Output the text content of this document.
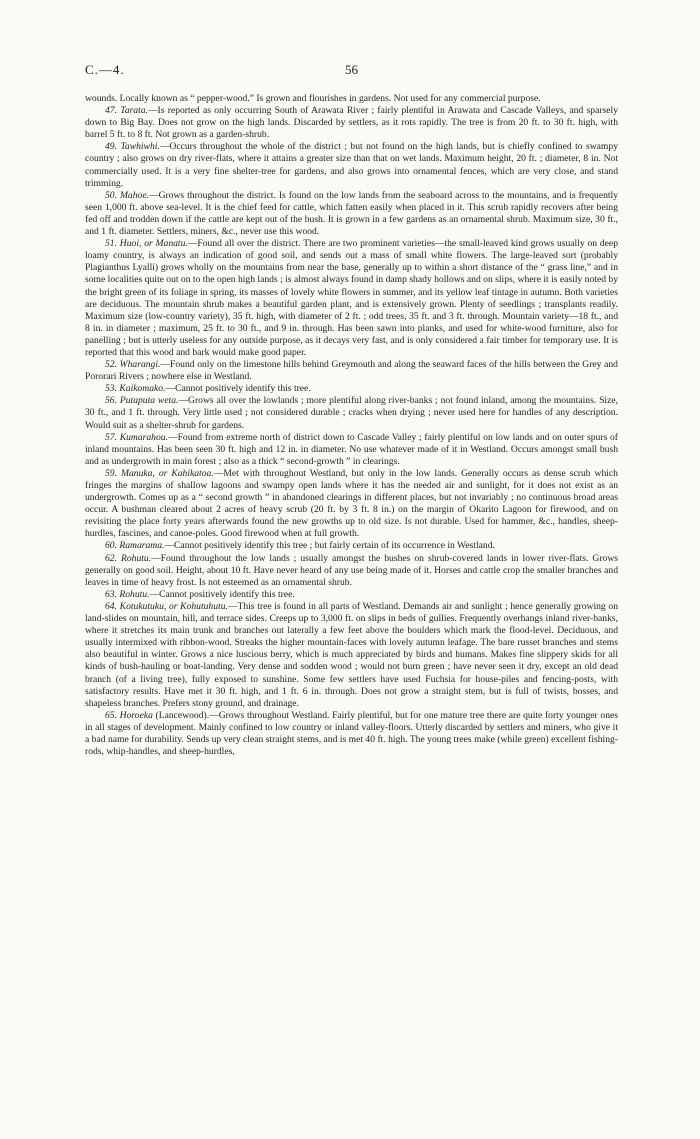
C.—4.	56

wounds. Locally known as “ pepper-wood.” Is grown and flourishes in gardens. Not used for any commercial purpose.

47. Tarata.—Is reported as only occurring South of Arawata River ; fairly plentiful in Arawata and Cascade Valleys, and sparsely down to Big Bay. Does not grow on the high lands. Discarded by settlers, as it rots rapidly. The tree is from 20 ft. to 30 ft. high, with barrel 5 ft. to 8 ft. Not grown as a garden-shrub.

49. Tawhiwhi.—Occurs throughout the whole of the district ; but not found on the high lands, but is chiefly confined to swampy country ; also grows on dry river-flats, where it attains a greater size than that on wet lands. Maximum height, 20 ft. ; diameter, 8 in. Not commercially used. It is a very fine shelter-tree for gardens, and also grows into ornamental fences, which are very close, and stand trimming.

50. Mahoe.—Grows throughout the district. Is found on the low lands from the seaboard across to the mountains, and is frequently seen 1,000 ft. above sea-level. It is the chief feed for cattle, which fatten easily when placed in it. This scrub rapidly recovers after being fed off and trodden down if the cattle are kept out of the bush. It is grown in a few gardens as an ornamental shrub. Maximum size, 30 ft., and 1 ft. diameter. Settlers, miners, &c., never use this wood.

51. Huoi, or Manatu.—Found all over the district. There are two prominent varieties—the small-leaved kind grows usually on deep loamy country, is always an indication of good soil, and sends out a mass of small white flowers. The large-leaved sort (probably Plagianthus Lyalli) grows wholly on the mountains from near the base, generally up to within a short distance of the “ grass line,” and in some localities quite out on to the open high lands ; is almost always found in damp shady hollows and on slips, where it is easily noted by the bright green of its foliage in spring, its masses of lovely white flowers in summer, and its yellow leaf tintage in autumn. Both varieties are deciduous. The mountain shrub makes a beautiful garden plant, and is extensively grown. Plenty of seedlings ; transplants readily. Maximum size (low-country variety), 35 ft. high, with diameter of 2 ft. ; odd trees, 35 ft. and 3 ft. through. Mountain variety—18 ft., and 8 in. in diameter ; maximum, 25 ft. to 30 ft., and 9 in. through. Has been sawn into planks, and used for white-wood furniture, also for panelling ; but is utterly useless for any outside purpose, as it decays very fast, and is only considered a fair timber for temporary use. It is reported that this wood and bark would make good paper.

52. Wharangi.—Found only on the limestone hills behind Greymouth and along the seaward faces of the hills between the Grey and Pororari Rivers ; nowhere else in Westland.

53. Kaikomako.—Cannot positively identify this tree.

56. Putaputa weta.—Grows all over the lowlands ; more plentiful along river-banks ; not found inland, among the mountains. Size, 30 ft., and 1 ft. through. Very little used ; not considered durable ; cracks when drying ; never used here for handles of any description. Would suit as a shelter-shrub for gardens.

57. Kumarahou.—Found from extreme north of district down to Cascade Valley ; fairly plentiful on low lands and on outer spurs of inland mountains. Has been seen 30 ft. high and 12 in. in diameter. No use whatever made of it in Westland. Occurs amongst small bush and as undergrowth in main forest ; also as a thick “ second-growth ” in clearings.

59. Manuka, or Kahikatoa.—Met with throughout Westland, but only in the low lands. Generally occurs as dense scrub which fringes the margins of shallow lagoons and swampy open lands where it has the needed air and sunlight, for it does not exist as an undergrowth. Comes up as a “ second growth ” in abandoned clearings in different places, but not invariably ; no continuous broad areas occur. A bushman cleared about 2 acres of heavy scrub (20 ft. by 3 ft. 8 in.) on the margin of Okarito Lagoon for firewood, and on revisiting the place forty years afterwards found the new growths up to old size. Is not durable. Used for hammer, &c., handles, sheep-hurdles, fascines, and canoe-poles. Good firewood when at full growth.

60. Ramarama.—Cannot positively identify this tree ; but fairly certain of its occurrence in Westland.

62. Rohutu.—Found throughout the low lands ; usually amongst the bushes on shrub-covered lands in lower river-flats. Grows generally on good soil. Height, about 10 ft. Have never heard of any use being made of it. Horses and cattle crop the smaller branches and leaves in time of heavy frost. Is not esteemed as an ornamental shrub.

63. Rohutu.—Cannot positively identify this tree.

64. Kotukutuku, or Kohutuhutu.—This tree is found in all parts of Westland. Demands air and sunlight ; hence generally growing on land-slides on mountain, hill, and terrace sides. Creeps up to 3,000 ft. on slips in beds of gullies. Frequently overhangs inland river-banks, where it stretches its main trunk and branches out laterally a few feet above the boulders which mark the flood-level. Deciduous, and usually intermixed with ribbon-wood. Streaks the higher mountain-faces with lovely autumn leafage. The bare russet branches and stems also beautiful in winter. Grows a nice luscious berry, which is much appreciated by birds and humans. Makes fine slippery skids for all kinds of bush-hauling or boat-landing. Very dense and sodden wood ; would not burn green ; have never seen it dry, except an old dead branch (of a living tree), fully exposed to sunshine. Some few settlers have used Fuchsia for house-piles and fencing-posts, with satisfactory results. Have met it 30 ft. high, and 1 ft. 6 in. through. Does not grow a straight stem, but is full of twists, bosses, and shapeless branches. Prefers stony ground, and drainage.

65. Horoeka (Lancewood).—Grows throughout Westland. Fairly plentiful, but for one mature tree there are quite forty younger ones in all stages of development. Mainly confined to low country or inland valley-floors. Utterly discarded by settlers and miners, who give it a bad name for durability. Sends up very clean straight stems, and is met 40 ft. high. The young trees make (while green) excellent fishing-rods, whip-handles, and sheep-hurdles,
